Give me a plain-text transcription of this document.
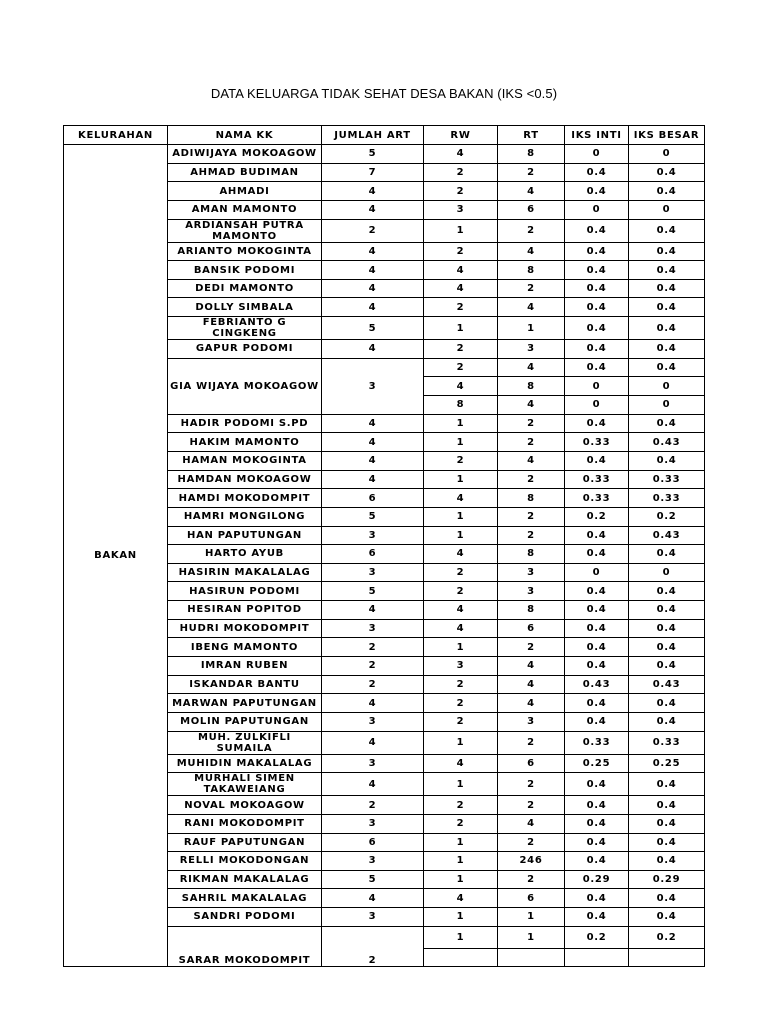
DATA KELUARGA TIDAK SEHAT DESA BAKAN (IKS <0.5)
KELURAHAN	NAMA KK	JUMLAH ART	RW	RT	IKS INTI	IKS BESAR
BAKAN	ADIWIJAYA MOKOAGOW	5	4	8	0	0
	AHMAD BUDIMAN	7	2	2	0.4	0.4
	AHMADI	4	2	4	0.4	0.4
	AMAN MAMONTO	4	3	6	0	0
	ARDIANSAH PUTRA MAMONTO	2	1	2	0.4	0.4
	ARIANTO MOKOGINTA	4	2	4	0.4	0.4
	BANSIK PODOMI	4	4	8	0.4	0.4
	DEDI MAMONTO	4	4	2	0.4	0.4
	DOLLY SIMBALA	4	2	4	0.4	0.4
	FEBRIANTO G CINGKENG	5	1	1	0.4	0.4
	GAPUR PODOMI	4	2	3	0.4	0.4
	GIA WIJAYA MOKOAGOW	3	2	4	0.4	0.4
			4	8	0	0
			8	4	0	0
	HADIR PODOMI S.PD	4	1	2	0.4	0.4
	HAKIM MAMONTO	4	1	2	0.33	0.43
	HAMAN MOKOGINTA	4	2	4	0.4	0.4
	HAMDAN MOKOAGOW	4	1	2	0.33	0.33
	HAMDI MOKODOMPIT	6	4	8	0.33	0.33
	HAMRI MONGILONG	5	1	2	0.2	0.2
	HAN PAPUTUNGAN	3	1	2	0.4	0.43
	HARTO AYUB	6	4	8	0.4	0.4
	HASIRIN MAKALALAG	3	2	3	0	0
	HASIRUN PODOMI	5	2	3	0.4	0.4
	HESIRAN POPITOD	4	4	8	0.4	0.4
	HUDRI MOKODOMPIT	3	4	6	0.4	0.4
	IBENG MAMONTO	2	1	2	0.4	0.4
	IMRAN RUBEN	2	3	4	0.4	0.4
	ISKANDAR BANTU	2	2	4	0.43	0.43
	MARWAN PAPUTUNGAN	4	2	4	0.4	0.4
	MOLIN PAPUTUNGAN	3	2	3	0.4	0.4
	MUH. ZULKIFLI SUMAILA	4	1	2	0.33	0.33
	MUHIDIN MAKALALAG	3	4	6	0.25	0.25
	MURHALI SIMEN TAKAWEIANG	4	1	2	0.4	0.4
	NOVAL MOKOAGOW	2	2	2	0.4	0.4
	RANI MOKODOMPIT	3	2	4	0.4	0.4
	RAUF PAPUTUNGAN	6	1	2	0.4	0.4
	RELLI MOKODONGAN	3	1	246	0.4	0.4
	RIKMAN MAKALALAG	5	1	2	0.29	0.29
	SAHRIL MAKALALAG	4	4	6	0.4	0.4
	SANDRI PODOMI	3	1	1	0.4	0.4
	SARAR MOKODOMPIT	2	1	1	0.2	0.2
